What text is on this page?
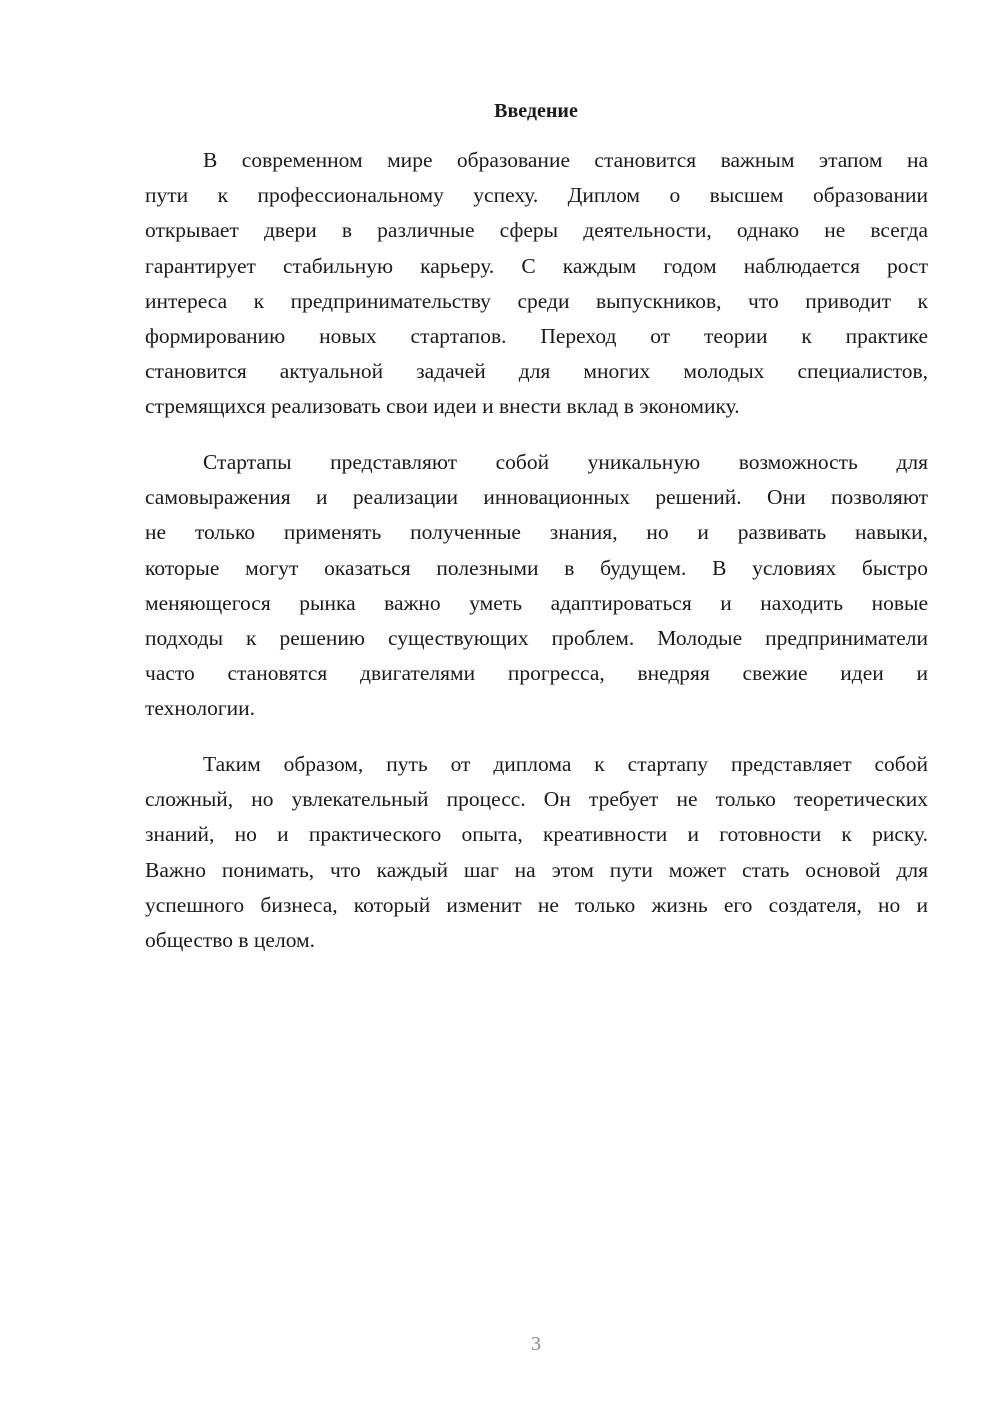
Введение
В современном мире образование становится важным этапом на
пути к профессиональному успеху. Диплом о высшем образовании
открывает двери в различные сферы деятельности, однако не всегда
гарантирует стабильную карьеру. С каждым годом наблюдается рост
интереса к предпринимательству среди выпускников, что приводит к
формированию новых стартапов. Переход от теории к практике
становится актуальной задачей для многих молодых специалистов,
стремящихся реализовать свои идеи и внести вклад в экономику.
Стартапы представляют собой уникальную возможность для
самовыражения и реализации инновационных решений. Они позволяют
не только применять полученные знания, но и развивать навыки,
которые могут оказаться полезными в будущем. В условиях быстро
меняющегося рынка важно уметь адаптироваться и находить новые
подходы к решению существующих проблем. Молодые предприниматели
часто становятся двигателями прогресса, внедряя свежие идеи и
технологии.
Таким образом, путь от диплома к стартапу представляет собой
сложный, но увлекательный процесс. Он требует не только теоретических
знаний, но и практического опыта, креативности и готовности к риску.
Важно понимать, что каждый шаг на этом пути может стать основой для
успешного бизнеса, который изменит не только жизнь его создателя, но и
общество в целом.
3
